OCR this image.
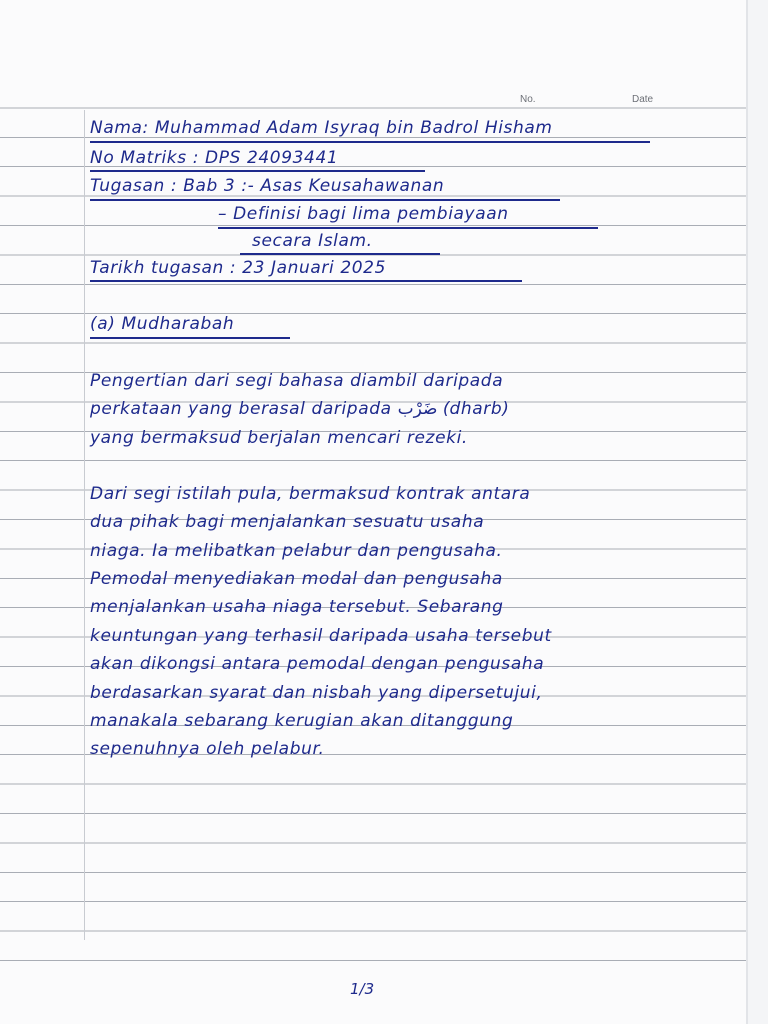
No.	Date
Nama: Muhammad Adam Isyraq bin Badrol Hisham
No Matriks : DPS 24093441
Tugasan : Bab 3 :- Asas Keusahawanan
– Definisi bagi lima pembiayaan
secara Islam.
Tarikh tugasan : 23 Januari 2025
(a) Mudharabah
Pengertian dari segi bahasa diambil daripada
perkataan yang berasal daripada ضَرْب (dharb)
yang bermaksud berjalan mencari rezeki.
Dari segi istilah pula, bermaksud kontrak antara
dua pihak bagi menjalankan sesuatu usaha
niaga. Ia melibatkan pelabur dan pengusaha.
Pemodal menyediakan modal dan pengusaha
menjalankan usaha niaga tersebut. Sebarang
keuntungan yang terhasil daripada usaha tersebut
akan dikongsi antara pemodal dengan pengusaha
berdasarkan syarat dan nisbah yang dipersetujui,
manakala sebarang kerugian akan ditanggung
sepenuhnya oleh pelabur.
1/3
